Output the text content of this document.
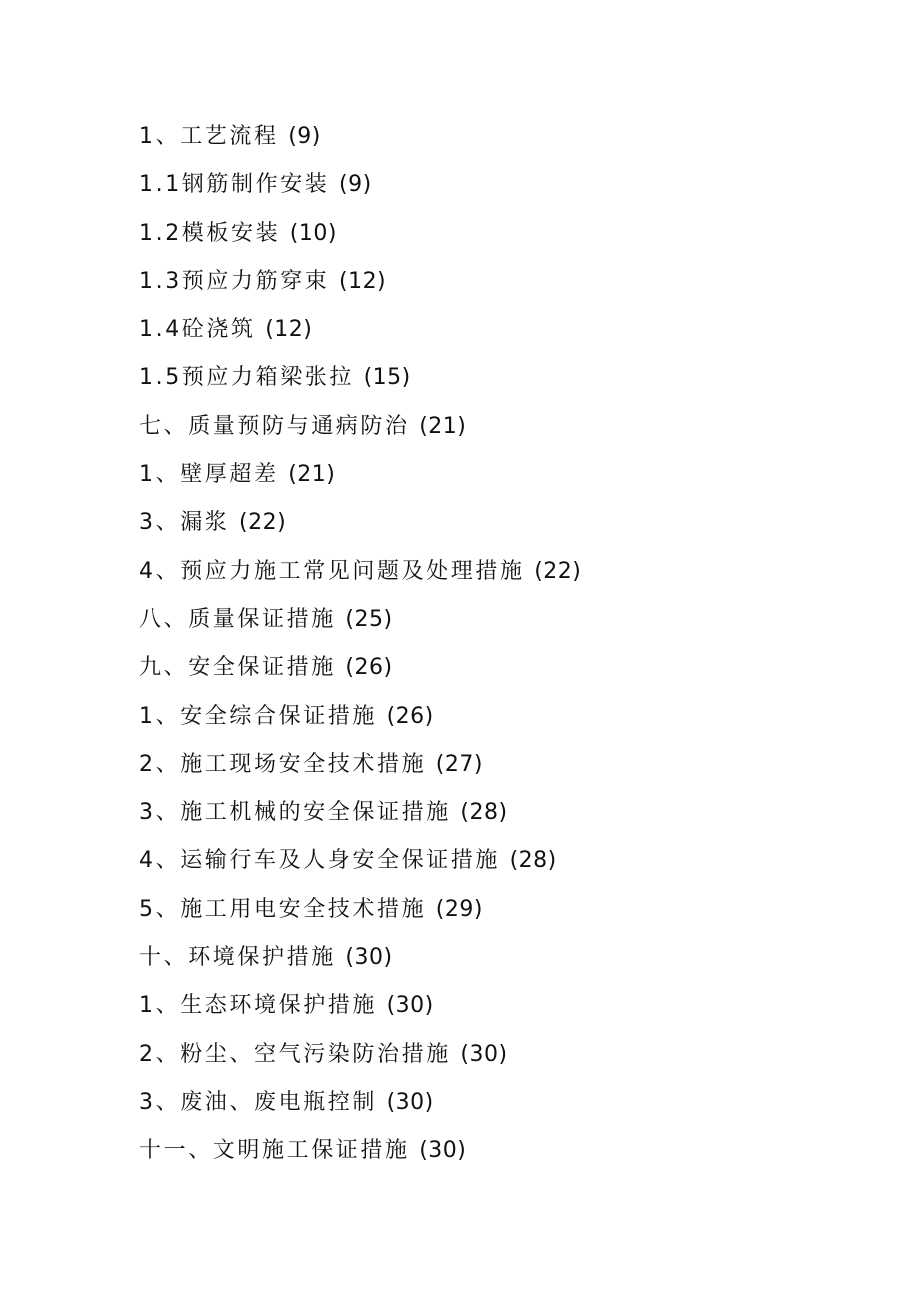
1、工艺流程 (9)
1.1钢筋制作安装 (9)
1.2模板安装 (10)
1.3预应力筋穿束 (12)
1.4砼浇筑 (12)
1.5预应力箱梁张拉 (15)
七、质量预防与通病防治 (21)
1、壁厚超差 (21)
3、漏浆 (22)
4、预应力施工常见问题及处理措施 (22)
八、质量保证措施 (25)
九、安全保证措施 (26)
1、安全综合保证措施 (26)
2、施工现场安全技术措施 (27)
3、施工机械的安全保证措施 (28)
4、运输行车及人身安全保证措施 (28)
5、施工用电安全技术措施 (29)
十、环境保护措施 (30)
1、生态环境保护措施 (30)
2、粉尘、空气污染防治措施 (30)
3、废油、废电瓶控制 (30)
十一、文明施工保证措施 (30)
